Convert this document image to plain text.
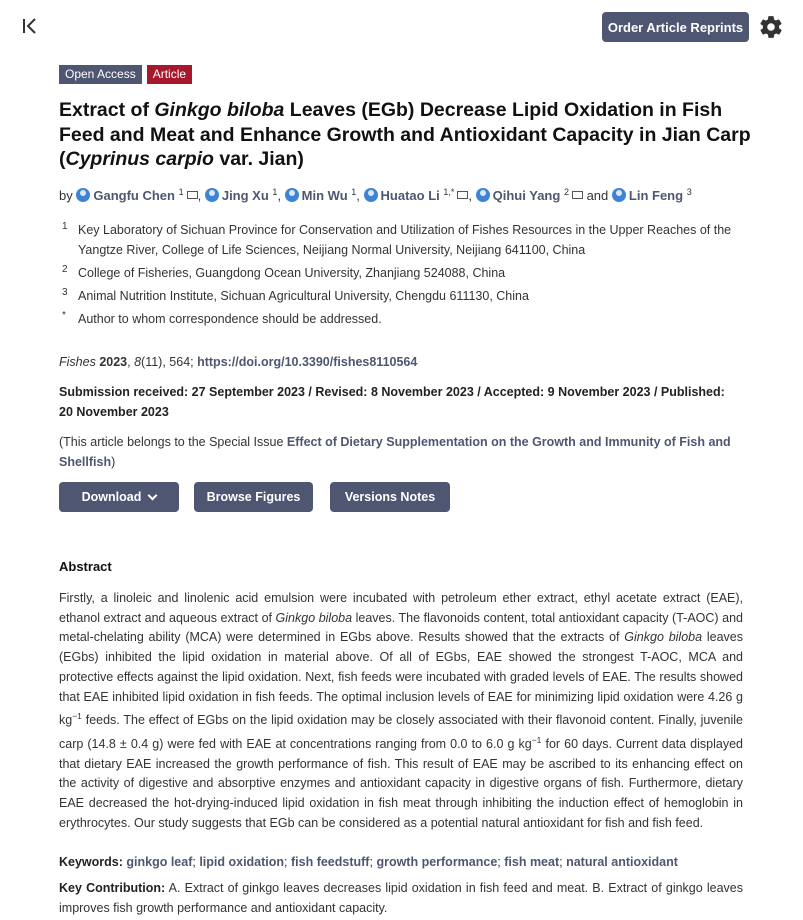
Order Article Reprints
Open Access	Article
Extract of Ginkgo biloba Leaves (EGb) Decrease Lipid Oxidation in Fish Feed and Meat and Enhance Growth and Antioxidant Capacity in Jian Carp (Cyprinus carpio var. Jian)
by Gangfu Chen $^1$ , Jing Xu $^1$, Min Wu $^1$, Huatao Li $^{1,*}$ , Qihui Yang $^2$ and Lin Feng $^3$
1 Key Laboratory of Sichuan Province for Conservation and Utilization of Fishes Resources in the Upper Reaches of the Yangtze River, College of Life Sciences, Neijiang Normal University, Neijiang 641100, China
2 College of Fisheries, Guangdong Ocean University, Zhanjiang 524088, China
3 Animal Nutrition Institute, Sichuan Agricultural University, Chengdu 611130, China
* Author to whom correspondence should be addressed.
Fishes 2023, 8(11), 564; https://doi.org/10.3390/fishes8110564
Submission received: 27 September 2023 / Revised: 8 November 2023 / Accepted: 9 November 2023 / Published: 20 November 2023
(This article belongs to the Special Issue Effect of Dietary Supplementation on the Growth and Immunity of Fish and Shellfish)
Download	Browse Figures	Versions Notes
Abstract

Firstly, a linoleic and linolenic acid emulsion were incubated with petroleum ether extract, ethyl acetate extract (EAE), ethanol extract and aqueous extract of Ginkgo biloba leaves. The flavonoids content, total antioxidant capacity (T-AOC) and metal-chelating ability (MCA) were determined in EGbs above. Results showed that the extracts of Ginkgo biloba leaves (EGbs) inhibited the lipid oxidation in material above. Of all of EGbs, EAE showed the strongest T-AOC, MCA and protective effects against the lipid oxidation. Next, fish feeds were incubated with graded levels of EAE. The results showed that EAE inhibited lipid oxidation in fish feeds. The optimal inclusion levels of EAE for minimizing lipid oxidation were 4.26 g $kg^{-1}$ feeds. The effect of EGbs on the lipid oxidation may be closely associated with their flavonoid content. Finally, juvenile carp (14.8 ± 0.4 g) were fed with EAE at concentrations ranging from 0.0 to 6.0 g $kg^{-1}$ for 60 days. Current data displayed that dietary EAE increased the growth performance of fish. This result of EAE may be ascribed to its enhancing effect on the activity of digestive and absorptive enzymes and antioxidant capacity in digestive organs of fish. Furthermore, dietary EAE decreased the hot-drying-induced lipid oxidation in fish meat through inhibiting the induction effect of hemoglobin in erythrocytes. Our study suggests that EGb can be considered as a potential natural antioxidant for fish and fish feed.

Keywords: ginkgo leaf; lipid oxidation; fish feedstuff; growth performance; fish meat; natural antioxidant

Key Contribution: A. Extract of ginkgo leaves decreases lipid oxidation in fish feed and meat. B. Extract of ginkgo leaves improves fish growth performance and antioxidant capacity.
